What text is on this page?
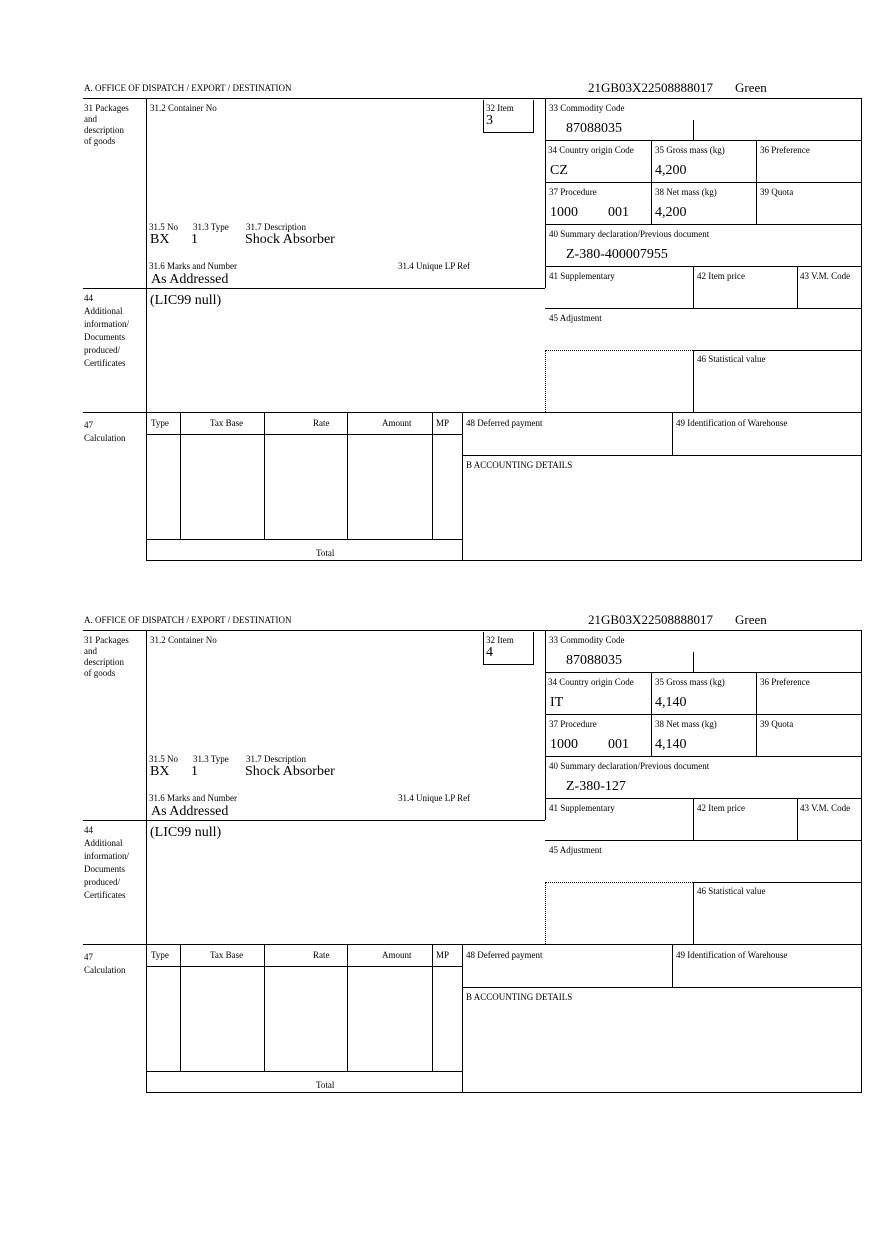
A. OFFICE OF DISPATCH / EXPORT / DESTINATION	21GB03X22508888017 Green
31 Packages
and
description
of goods
31.2 Container No	32 Item
3
31.5 No 31.3 Type 31.7 Description
BX 1	Shock Absorber
31.6 Marks and Number	31.4 Unique LP Ref
As Addressed
33 Commodity Code
87088035
34 Country origin Code
CZ
35 Gross mass (kg)
4,200
36 Preference
37 Procedure
1000 001
38 Net mass (kg)
4,200
39 Quota
40 Summary declaration/Previous document
Z-380-400007955
41 Supplementary	42 Item price	43 V.M. Code
45 Adjustment
46 Statistical value
44
Additional
information/
Documents
produced/
Certificates
(LIC99 null)
47
Calculation
Type	Tax Base	Rate	Amount	MP
Total
48 Deferred payment	49 Identification of Warehouse
B ACCOUNTING DETAILS
A. OFFICE OF DISPATCH / EXPORT / DESTINATION	21GB03X22508888017 Green
31 Packages
and
description
of goods
31.2 Container No	32 Item
4
31.5 No 31.3 Type 31.7 Description
BX 1	Shock Absorber
31.6 Marks and Number	31.4 Unique LP Ref
As Addressed
33 Commodity Code
87088035
34 Country origin Code
IT
35 Gross mass (kg)
4,140
36 Preference
37 Procedure
1000 001
38 Net mass (kg)
4,140
39 Quota
40 Summary declaration/Previous document
Z-380-127
41 Supplementary	42 Item price	43 V.M. Code
45 Adjustment
46 Statistical value
44
Additional
information/
Documents
produced/
Certificates
(LIC99 null)
47
Calculation
Type	Tax Base	Rate	Amount	MP
Total
48 Deferred payment	49 Identification of Warehouse
B ACCOUNTING DETAILS
